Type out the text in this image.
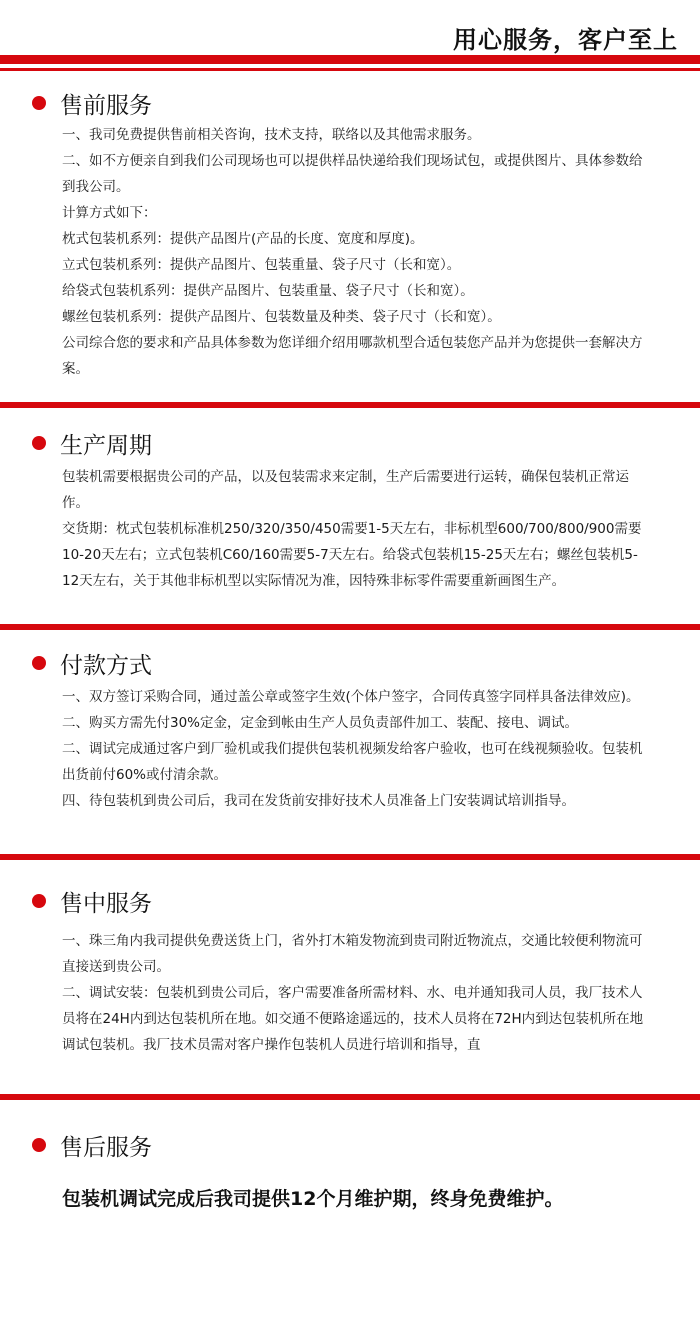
用心服务，客户至上
售前服务

一、我司免费提供售前相关咨询，技术支持，联络以及其他需求服务。

二、如不方便亲自到我们公司现场也可以提供样品快递给我们现场试包，或提供图片、具体参数给到我公司。

计算方式如下：

枕式包装机系列：提供产品图片(产品的长度、宽度和厚度)。

立式包装机系列：提供产品图片、包装重量、袋子尺寸（长和宽）。

给袋式包装机系列：提供产品图片、包装重量、袋子尺寸（长和宽）。

螺丝包装机系列：提供产品图片、包装数量及种类、袋子尺寸（长和宽）。

公司综合您的要求和产品具体参数为您详细介绍用哪款机型合适包装您产品并为您提供一套解决方案。

生产周期

包装机需要根据贵公司的产品，以及包装需求来定制，生产后需要进行运转，确保包装机正常运作。

交货期：枕式包装机标准机250/320/350/450需要1-5天左右，非标机型600/700/800/900需要10-20天左右；立式包装机C60/160需要5-7天左右。给袋式包装机15-25天左右；螺丝包装机5-12天左右，关于其他非标机型以实际情况为准，因特殊非标零件需要重新画图生产。

付款方式

一、双方签订采购合同，通过盖公章或签字生效(个体户签字，合同传真签字同样具备法律效应)。

二、购买方需先付30%定金，定金到帐由生产人员负责部件加工、装配、接电、调试。

二、调试完成通过客户到厂验机或我们提供包装机视频发给客户验收，也可在线视频验收。包装机出货前付60%或付清余款。

四、待包装机到贵公司后，我司在发货前安排好技术人员准备上门安装调试培训指导。

售中服务

一、珠三角内我司提供免费送货上门，省外打木箱发物流到贵司附近物流点，交通比较便利物流可直接送到贵公司。

二、调试安装：包装机到贵公司后，客户需要准备所需材料、水、电并通知我司人员，我厂技术人员将在24H内到达包装机所在地。如交通不便路途遥远的，技术人员将在72H内到达包装机所在地调试包装机。我厂技术员需对客户操作包装机人员进行培训和指导，直

售后服务
包装机调试完成后我司提供12个月维护期，终身免费维护。
